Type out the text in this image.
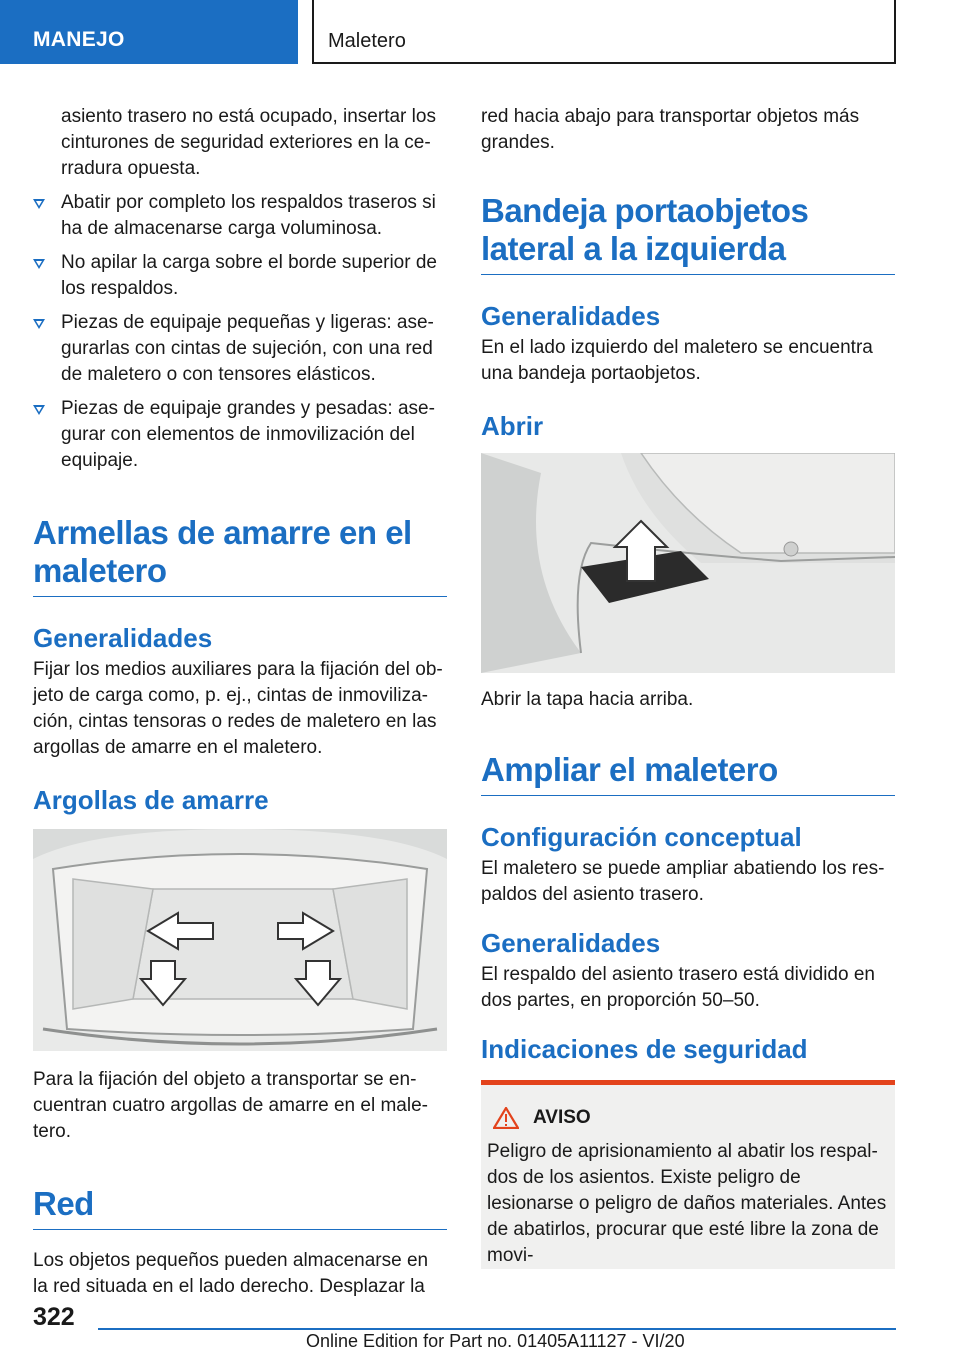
MANEJO	Maletero

asiento trasero no está ocupado, insertar los cinturones de seguridad exteriores en la cerradura opuesta.

Abatir por completo los respaldos traseros si ha de almacenarse carga voluminosa.
No apilar la carga sobre el borde superior de los respaldos.
Piezas de equipaje pequeñas y ligeras: asegurarlas con cintas de sujeción, con una red de maletero o con tensores elásticos.
Piezas de equipaje grandes y pesadas: asegurar con elementos de inmovilización del equipaje.
Armellas de amarre en el maletero
Generalidades

Fijar los medios auxiliares para la fijación del objeto de carga como, p. ej., cintas de inmovilización, cintas tensoras o redes de maletero en las argollas de amarre en el maletero.

Argollas de amarre

Para la fijación del objeto a transportar se encuentran cuatro argollas de amarre en el maletero.

Red

Los objetos pequeños pueden almacenarse en la red situada en el lado derecho. Desplazar la

red hacia abajo para transportar objetos más grandes.

Bandeja portaobjetos lateral a la izquierda
Generalidades

En el lado izquierdo del maletero se encuentra una bandeja portaobjetos.

Abrir

Abrir la tapa hacia arriba.

Ampliar el maletero
Configuración conceptual

El maletero se puede ampliar abatiendo los respaldos del asiento trasero.

Generalidades

El respaldo del asiento trasero está dividido en dos partes, en proporción 50–50.

Indicaciones de seguridad
AVISO

Peligro de aprisionamiento al abatir los respaldos de los asientos. Existe peligro de lesionarse o peligro de daños materiales. Antes de abatirlos, procurar que esté libre la zona de movi-

322
Online Edition for Part no. 01405A11127 - VI/20
